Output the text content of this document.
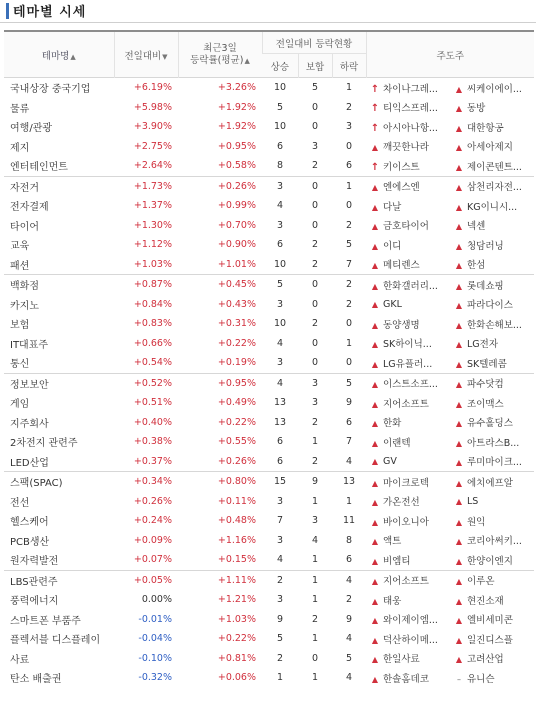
테마별 시세
테마명▲	전일대비▼	최근3일
등락률(평균)▲	전일대비 등락현황			주도주	
			상승	보합	하락		
국내상장 중국기업	+6.19%	+3.26%	10	5	1	↑ 차이나그레...	▲ 씨케이에이...
물류	+5.98%	+1.92%	5	0	2	↑ 티익스프레...	▲ 동방
여행/관광	+3.90%	+1.92%	10	0	3	↑ 아시아나항...	▲ 대한항공
제지	+2.75%	+0.95%	6	3	0	▲ 깨끗한나라	▲ 아세아제지
엔터테인먼트	+2.64%	+0.58%	8	2	6	↑ 키이스트	▲ 제이콘텐트...
자전거	+1.73%	+0.26%	3	0	1	▲ 엔에스엔	▲ 삼천리자전...
전자결제	+1.37%	+0.99%	4	0	0	▲ 다날	▲ KG이니시...
타이어	+1.30%	+0.70%	3	0	2	▲ 금호타이어	▲ 넥센
교육	+1.12%	+0.90%	6	2	5	▲ 이디	▲ 청담러닝
패션	+1.03%	+1.01%	10	2	7	▲ 메티렌스	▲ 한섬
백화점	+0.87%	+0.45%	5	0	2	▲ 한화갤러리...	▲ 롯데쇼핑
카지노	+0.84%	+0.43%	3	0	2	▲ GKL	▲ 파라다이스
보험	+0.83%	+0.31%	10	2	0	▲ 동양생명	▲ 한화손해보...
IT대표주	+0.66%	+0.22%	4	0	1	▲ SK하이닉...	▲ LG전자
통신	+0.54%	+0.19%	3	0	0	▲ LG유플러...	▲ SK텔레콤
정보보안	+0.52%	+0.95%	4	3	5	▲ 이스트소프...	▲ 파수닷컴
게임	+0.51%	+0.49%	13	3	9	▲ 지어소프트	▲ 조이맥스
지주회사	+0.40%	+0.22%	13	2	6	▲ 한화	▲ 유수홀딩스
2차전지 관련주	+0.38%	+0.55%	6	1	7	▲ 이랜텍	▲ 아트라스B...
LED산업	+0.37%	+0.26%	6	2	4	▲ GV	▲ 루미마이크...
스팩(SPAC)	+0.34%	+0.80%	15	9	13	▲ 마이크로텍	▲ 에치에프알
전선	+0.26%	+0.11%	3	1	1	▲ 가온전선	▲ LS
헬스케어	+0.24%	+0.48%	7	3	11	▲ 바이오니아	▲ 원익
PCB생산	+0.09%	+1.16%	3	4	8	▲ 액트	▲ 코리아써키...
원자력발전	+0.07%	+0.15%	4	1	6	▲ 비엠티	▲ 한양이엔지
LBS관련주	+0.05%	+1.11%	2	1	4	▲ 지어소프트	▲ 이루온
풍력에너지	0.00%	+1.21%	3	1	2	▲ 태웅	▲ 현진소재
스마트폰 부품주	-0.01%	+1.03%	9	2	9	▲ 와이제이엠...	▲ 엘비세미콘
플렉서블 디스플레이	-0.04%	+0.22%	5	1	4	▲ 덕산하이메...	▲ 일진디스플
사료	-0.10%	+0.81%	2	0	5	▲ 한일사료	▲ 고려산업
탄소 배출권	-0.32%	+0.06%	1	1	4	▲ 한솔홈데코	– 유니슨
